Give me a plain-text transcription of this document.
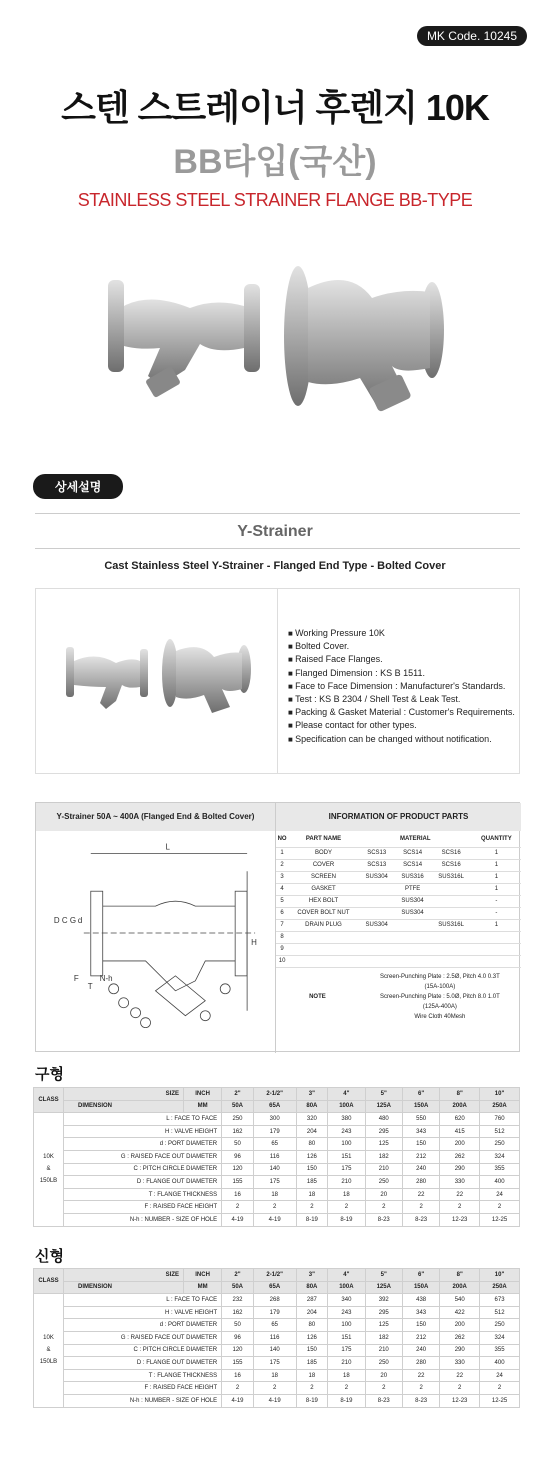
MK Code. 10245
스텐 스트레이너 후렌지 10K
BB타입(국산)
STAINLESS STEEL STRAINER FLANGE BB-TYPE
상세설명
Y-Strainer
Cast Stainless Steel Y-Strainer - Flanged End Type - Bolted Cover
■ Working Pressure 10K
■ Bolted Cover.
■ Raised Face Flanges.
■ Flanged Dimension : KS B 1511.
■ Face to Face Dimension : Manufacturer's Standards.
■ Test : KS B 2304 / Shell Test & Leak Test.
■ Packing & Gasket Material : Customer's Requirements.
■ Please contact for other types.
■ Specification can be changed without notification.
Y-Strainer 50A ~ 400A (Flanged End & Bolted Cover)	INFORMATION OF PRODUCT PARTS
L
H
F
T
N-h
D C G d
NO	PART NAME	MATERIAL			QUANTITY
1	BODY	SCS13	SCS14	SCS16	1
2	COVER	SCS13	SCS14	SCS16	1
3	SCREEN	SUS304	SUS316	SUS316L	1
4	GASKET		PTFE		1
5	HEX BOLT		SUS304		-
6	COVER BOLT NUT		SUS304		-
7	DRAIN PLUG	SUS304		SUS316L	1
8					
9					
10					
NOTE		Screen-Punching Plate : 2.5Ø, Pitch 4.0 0.3T
(15A-100A)
Screen-Punching Plate : 5.0Ø, Pitch 8.0 1.0T
(125A-400A)
Wire Cloth 40Mesh			
구형
CLASS	SIZE	INCH	2"	2-1/2"	3"	4"	5"	6"	8"	10"
	DIMENSION	MM	50A	65A	80A	100A	125A	150A	200A	250A

10K
&
150LB	L : FACE TO FACE		250	300	320	380	480	550	620	760
	H : VALVE HEIGHT		162	179	204	243	295	343	415	512
	d : PORT DIAMETER		50	65	80	100	125	150	200	250
	G : RAISED FACE OUT DIAMETER		96	116	126	151	182	212	262	324
	C : PITCH CIRCLE DIAMETER		120	140	150	175	210	240	290	355
	D : FLANGE OUT DIAMETER		155	175	185	210	250	280	330	400
	T : FLANGE THICKNESS		16	18	18	18	20	22	22	24
	F : RAISED FACE HEIGHT		2	2	2	2	2	2	2	2
	N-h : NUMBER - SIZE OF HOLE		4-19	4-19	8-19	8-19	8-23	8-23	12-23	12-25
신형
CLASS	SIZE	INCH	2"	2-1/2"	3"	4"	5"	6"	8"	10"
	DIMENSION	MM	50A	65A	80A	100A	125A	150A	200A	250A

10K
&
150LB	L : FACE TO FACE		232	268	287	340	392	438	540	673
	H : VALVE HEIGHT		162	179	204	243	295	343	422	512
	d : PORT DIAMETER		50	65	80	100	125	150	200	250
	G : RAISED FACE OUT DIAMETER		96	116	126	151	182	212	262	324
	C : PITCH CIRCLE DIAMETER		120	140	150	175	210	240	290	355
	D : FLANGE OUT DIAMETER		155	175	185	210	250	280	330	400
	T : FLANGE THICKNESS		16	18	18	18	20	22	22	24
	F : RAISED FACE HEIGHT		2	2	2	2	2	2	2	2
	N-h : NUMBER - SIZE OF HOLE		4-19	4-19	8-19	8-19	8-23	8-23	12-23	12-25
